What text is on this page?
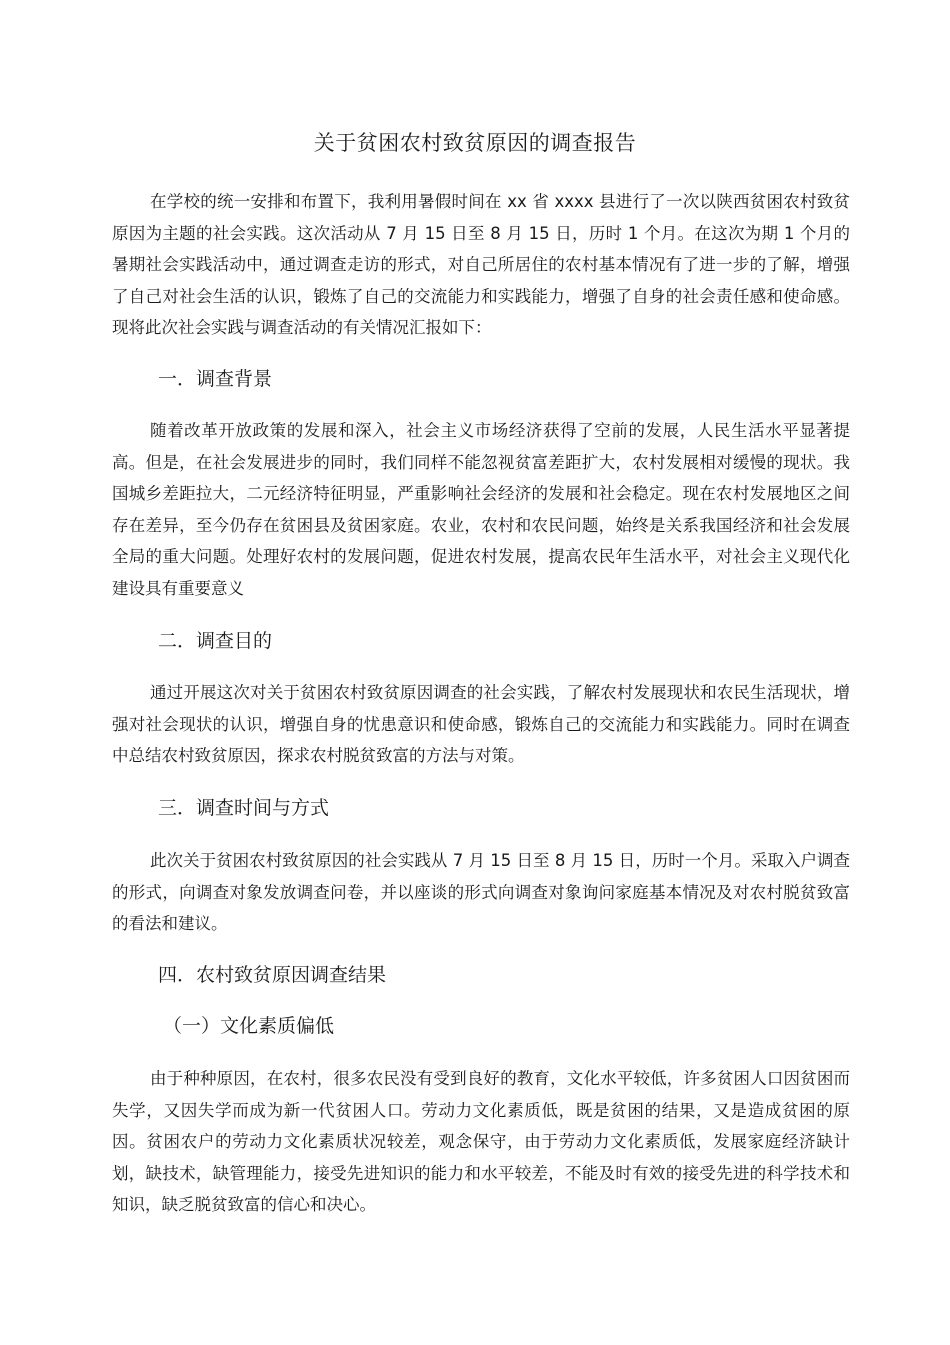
关于贫困农村致贫原因的调查报告

在学校的统一安排和布置下，我利用暑假时间在 xx 省 xxxx 县进行了一次以陕西贫困农村致贫原因为主题的社会实践。这次活动从 7 月 15 日至 8 月 15 日，历时 1 个月。在这次为期 1 个月的暑期社会实践活动中，通过调查走访的形式，对自己所居住的农村基本情况有了进一步的了解，增强了自己对社会生活的认识，锻炼了自己的交流能力和实践能力，增强了自身的社会责任感和使命感。现将此次社会实践与调查活动的有关情况汇报如下：

一．调查背景

随着改革开放政策的发展和深入，社会主义市场经济获得了空前的发展，人民生活水平显著提高。但是，在社会发展进步的同时，我们同样不能忽视贫富差距扩大，农村发展相对缓慢的现状。我国城乡差距拉大，二元经济特征明显，严重影响社会经济的发展和社会稳定。现在农村发展地区之间存在差异，至今仍存在贫困县及贫困家庭。农业，农村和农民问题，始终是关系我国经济和社会发展全局的重大问题。处理好农村的发展问题，促进农村发展，提高农民年生活水平，对社会主义现代化建设具有重要意义

二．调查目的

通过开展这次对关于贫困农村致贫原因调查的社会实践，了解农村发展现状和农民生活现状，增强对社会现状的认识，增强自身的忧患意识和使命感，锻炼自己的交流能力和实践能力。同时在调查中总结农村致贫原因，探求农村脱贫致富的方法与对策。

三．调查时间与方式

此次关于贫困农村致贫原因的社会实践从 7 月 15 日至 8 月 15 日，历时一个月。采取入户调查的形式，向调查对象发放调查问卷，并以座谈的形式向调查对象询问家庭基本情况及对农村脱贫致富的看法和建议。

四．农村致贫原因调查结果
（一）文化素质偏低

由于种种原因，在农村，很多农民没有受到良好的教育，文化水平较低，许多贫困人口因贫困而失学，又因失学而成为新一代贫困人口。劳动力文化素质低，既是贫困的结果，又是造成贫困的原因。贫困农户的劳动力文化素质状况较差，观念保守，由于劳动力文化素质低，发展家庭经济缺计划，缺技术，缺管理能力，接受先进知识的能力和水平较差，不能及时有效的接受先进的科学技术和知识，缺乏脱贫致富的信心和决心。
